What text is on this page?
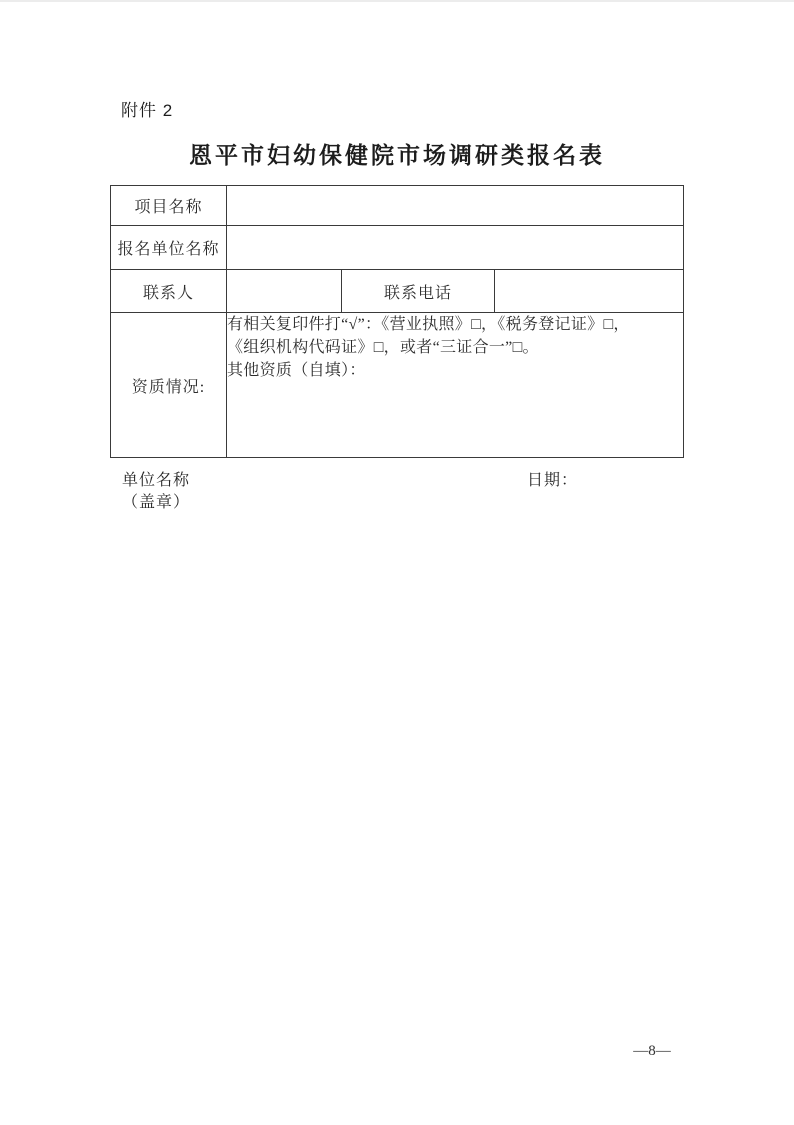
附件 2
恩平市妇幼保健院市场调研类报名表
项目名称			
报名单位名称			
联系人		联系电话	
资质情况:	有相关复印件打“√”：《营业执照》□，《税务登记证》□，
《组织机构代码证》□，或者“三证合一”□。
其他资质（自填）：		
单位名称
（盖章）
日期：
—8—
